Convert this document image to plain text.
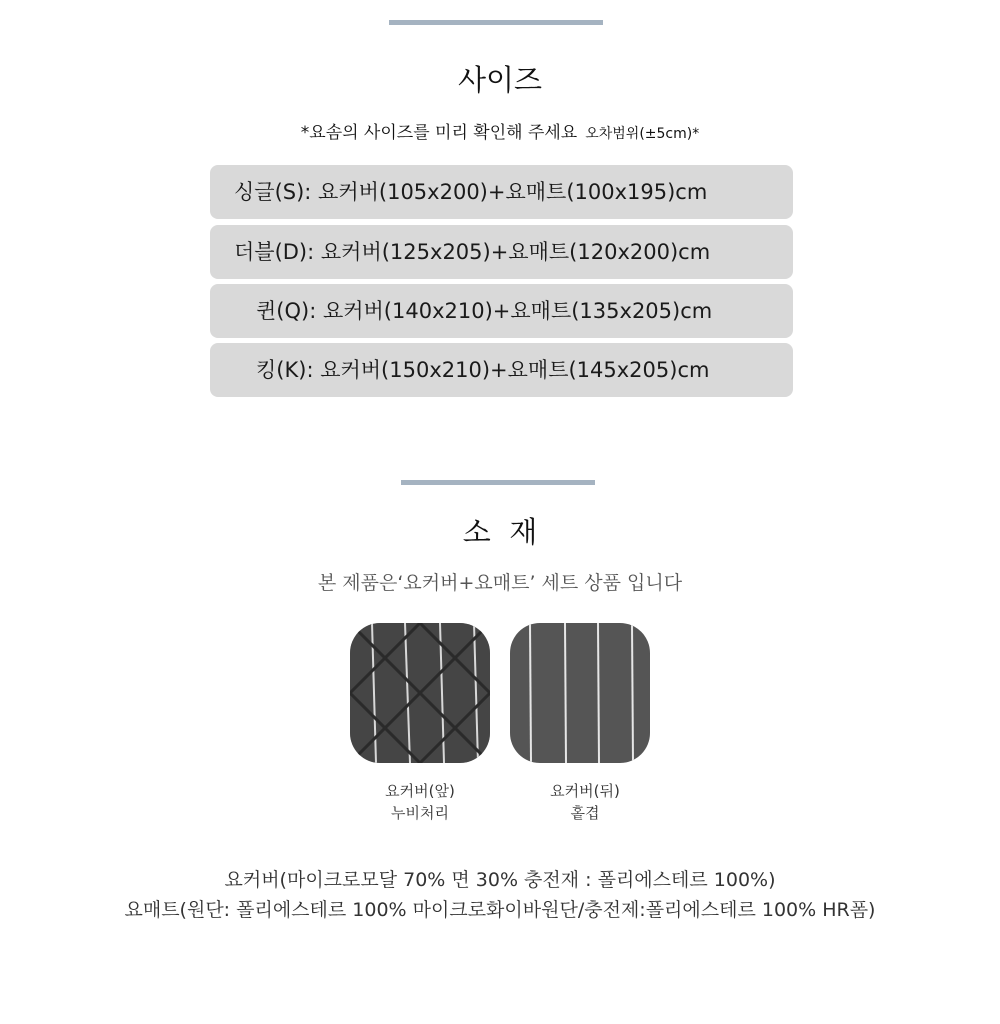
사이즈
*요솜의 사이즈를 미리 확인해 주세요 오차범위(±5cm)*
싱글(S): 요커버(105x200)+요매트(100x195)cm
더블(D): 요커버(125x205)+요매트(120x200)cm
퀸(Q): 요커버(140x210)+요매트(135x205)cm
킹(K): 요커버(150x210)+요매트(145x205)cm
소  재
본 제품은‘요커버+요매트’ 세트 상품 입니다
요커버(앞)
누비처리
요커버(뒤)
홑겹
요커버(마이크로모달 70% 면 30% 충전재 : 폴리에스테르 100%)
요매트(원단: 폴리에스테르 100% 마이크로화이바원단/충전제:폴리에스테르 100% HR폼)
